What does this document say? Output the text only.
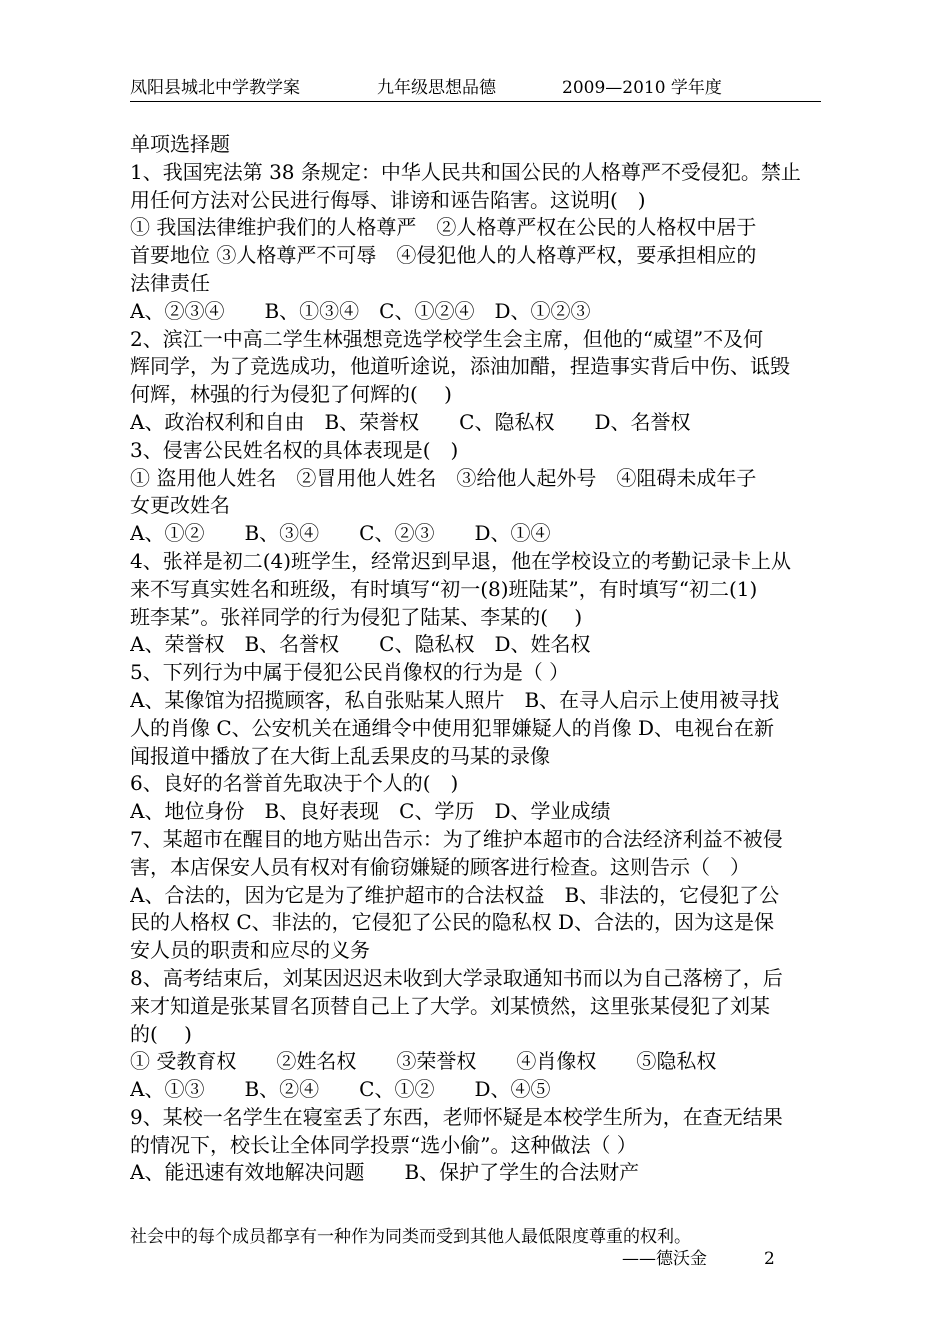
凤阳县城北中学教学案	九年级思想品德	2009—2010 学年度
单项选择题
1、我国宪法第 38 条规定：中华人民共和国公民的人格尊严不受侵犯。禁止
用任何方法对公民进行侮辱、诽谤和诬告陷害。这说明(　)
① 我国法律维护我们的人格尊严　②人格尊严权在公民的人格权中居于
首要地位 ③人格尊严不可辱　④侵犯他人的人格尊严权，要承担相应的
法律责任
A、②③④　　B、①③④　C、①②④　D、①②③
2、滨江一中高二学生林强想竞选学校学生会主席，但他的“威望”不及何
辉同学，为了竞选成功，他道听途说，添油加醋，捏造事实背后中伤、诋毁
何辉，林强的行为侵犯了何辉的(　 )
A、政治权利和自由　B、荣誉权　　C、隐私权　　D、名誉权
3、侵害公民姓名权的具体表现是(　)
① 盗用他人姓名　②冒用他人姓名　③给他人起外号　④阻碍未成年子
女更改姓名
A、①②　　B、③④　　C、②③　　D、①④
4、张祥是初二(4)班学生，经常迟到早退，他在学校设立的考勤记录卡上从
来不写真实姓名和班级，有时填写“初一(8)班陆某”，有时填写“初二(1)
班李某”。张祥同学的行为侵犯了陆某、李某的(　 )
A、荣誉权　B、名誉权　　C、隐私权　D、姓名权
5、下列行为中属于侵犯公民肖像权的行为是（ ）
A、某像馆为招揽顾客，私自张贴某人照片　B、在寻人启示上使用被寻找
人的肖像 C、公安机关在通缉令中使用犯罪嫌疑人的肖像 D、电视台在新
闻报道中播放了在大街上乱丢果皮的马某的录像
6、良好的名誉首先取决于个人的(　)
A、地位身份　B、良好表现　C、学历　D、学业成绩
7、某超市在醒目的地方贴出告示：为了维护本超市的合法经济利益不被侵
害，本店保安人员有权对有偷窃嫌疑的顾客进行检查。这则告示（　）
A、合法的，因为它是为了维护超市的合法权益　B、非法的，它侵犯了公
民的人格权 C、非法的，它侵犯了公民的隐私权 D、合法的，因为这是保
安人员的职责和应尽的义务
8、高考结束后，刘某因迟迟未收到大学录取通知书而以为自己落榜了，后
来才知道是张某冒名顶替自己上了大学。刘某愤然，这里张某侵犯了刘某
的(　 )
① 受教育权　　②姓名权　　③荣誉权　　④肖像权　　⑤隐私权
A、①③　　B、②④　　C、①②　　D、④⑤
9、某校一名学生在寝室丢了东西，老师怀疑是本校学生所为，在查无结果
的情况下，校长让全体同学投票“选小偷”。这种做法（ ）
A、能迅速有效地解决问题　　B、保护了学生的合法财产
社会中的每个成员都享有一种作为同类而受到其他人最低限度尊重的权利。
——德沃金	2
